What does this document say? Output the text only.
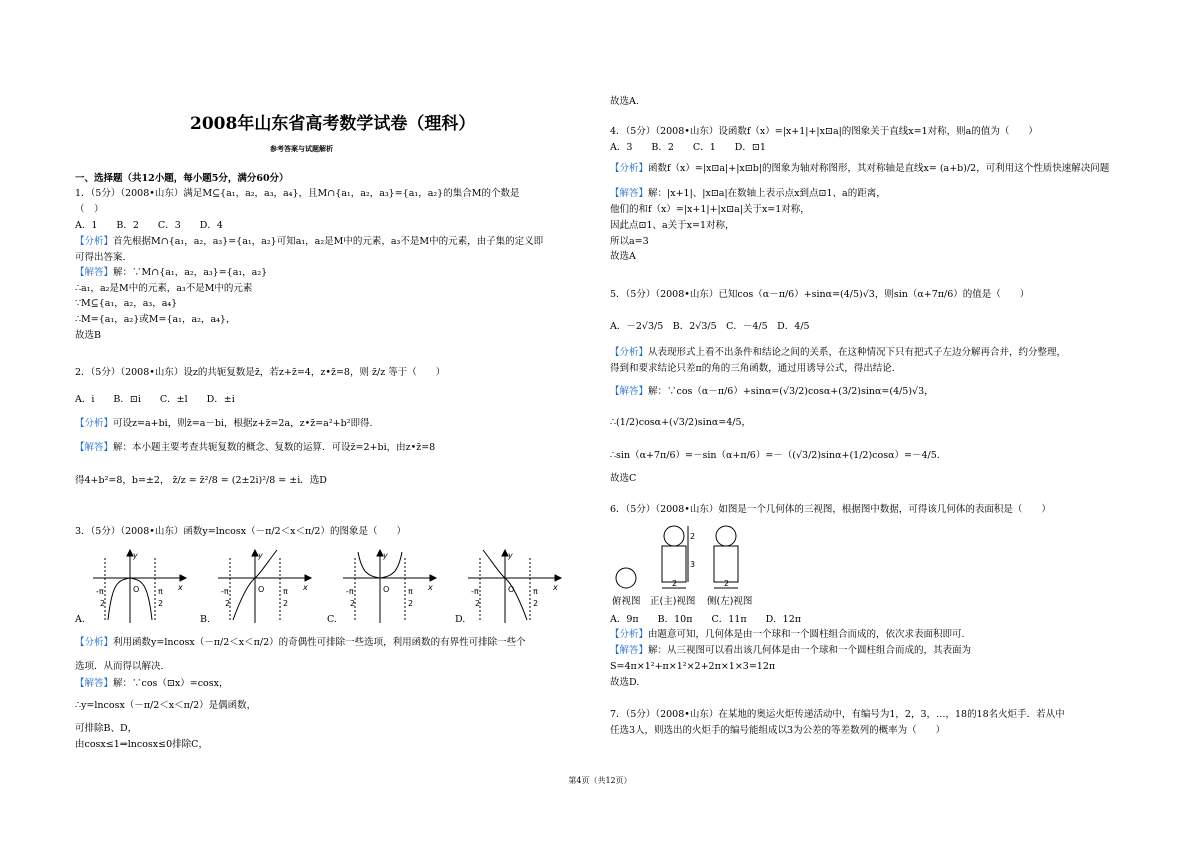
2008年山东省高考数学试卷（理科）
参考答案与试题解析
一、选择题（共12小题，每小题5分，满分60分）
1．（5分）（2008•山东）满足M⊆{a₁，a₂，a₃，a₄}，且M∩{a₁，a₂，a₃}={a₁，a₂}的集合M的个数是
（　）
A．1　　B．2　　C．3　　D．4
【分析】首先根据M∩{a₁，a₂，a₃}={a₁，a₂}可知a₁，a₂是M中的元素，a₃不是M中的元素，由子集的定义即
可得出答案.
【解答】解：∵M∩{a₁，a₂，a₃}={a₁，a₂}
∴a₁，a₂是M中的元素，a₃不是M中的元素
∵M⊆{a₁，a₂，a₃，a₄}
∴M={a₁，a₂}或M={a₁，a₂，a₄}，
故选B
2．（5分）（2008•山东）设z的共轭复数是z̄，若z+z̄=4，z•z̄=8，则 z̄/z 等于（　　）
A．i　　B．⊡i　　C．±l　　D．±i
【分析】可设z=a+bi，则z̄=a－bi，根据z+z̄=2a，z•z̄=a²+b²即得.
【解答】解：本小题主要考查共轭复数的概念、复数的运算．可设z̄=2+bi，由z•z̄=8
得4+b²=8，b=±2， z̄/z = z̄²/8 = (2±2i)²/8 = ±i．选D
3．（5分）（2008•山东）函数y=lncosx（－π/2＜x＜π/2）的图象是（　　）
y
x
O
y
x
O
y
x
O
y
x
O
-π
2
π
2
-π
2
π
2
-π
2
π
2
-π
2
π
2
A.	B.	C.	D.
【分析】利用函数y=lncosx（－π/2＜x＜π/2）的奇偶性可排除一些选项，利用函数的有界性可排除一些个
选项．从而得以解决.
【解答】解：∵cos（⊡x）=cosx，
∴y=lncosx（－π/2＜x＜π/2）是偶函数，
可排除B、D，
由cosx≤1⇒lncosx≤0排除C，
故选A.
4．（5分）（2008•山东）设函数f（x）=|x+1|+|x⊡a|的图象关于直线x=1对称，则a的值为（　　）
A．3　　B．2　　C．1　　D．⊡1
【分析】函数f（x）=|x⊡a|+|x⊡b|的图象为轴对称图形，其对称轴是直线x= (a+b)/2，可利用这个性质快速解决问题
【解答】解：|x+1|、|x⊡a|在数轴上表示点x到点⊡1、a的距离，
他们的和f（x）=|x+1|+|x⊡a|关于x=1对称，
因此点⊡1、a关于x=1对称，
所以a=3
故选A
5．（5分）（2008•山东）已知cos（α－π/6）+sinα=(4/5)√3，则sin（α+7π/6）的值是（　　）
A．－2√3/5　B．2√3/5　C．－4/5　D．4/5
【分析】从表现形式上看不出条件和结论之间的关系，在这种情况下只有把式子左边分解再合并，约分整理，
得到和要求结论只差π的角的三角函数，通过用诱导公式，得出结论.
【解答】解：∵cos（α－π/6）+sinα=(√3/2)cosα+(3/2)sinα=(4/5)√3，
∴(1/2)cosα+(√3/2)sinα=4/5，
∴sin（α+7π/6）=－sin（α+π/6）=－（(√3/2)sinα+(1/2)cosα）=－4/5.
故选C
6．（5分）（2008•山东）如图是一个几何体的三视图，根据图中数据，可得该几何体的表面积是（　　）
2
3
2	2
俯视图 正(主)视图 侧(左)视图
A．9π　　B．10π　　C．11π　　D．12π
【分析】由题意可知，几何体是由一个球和一个圆柱组合而成的，依次求表面积即可.
【解答】解：从三视图可以看出该几何体是由一个球和一个圆柱组合而成的，其表面为
S=4π×1²+π×1²×2+2π×1×3=12π
故选D.
7．（5分）（2008•山东）在某地的奥运火炬传递活动中，有编号为1，2，3，…，18的18名火炬手．若从中
任选3人，则选出的火炬手的编号能组成以3为公差的等差数列的概率为（　　）
第4页（共12页）
